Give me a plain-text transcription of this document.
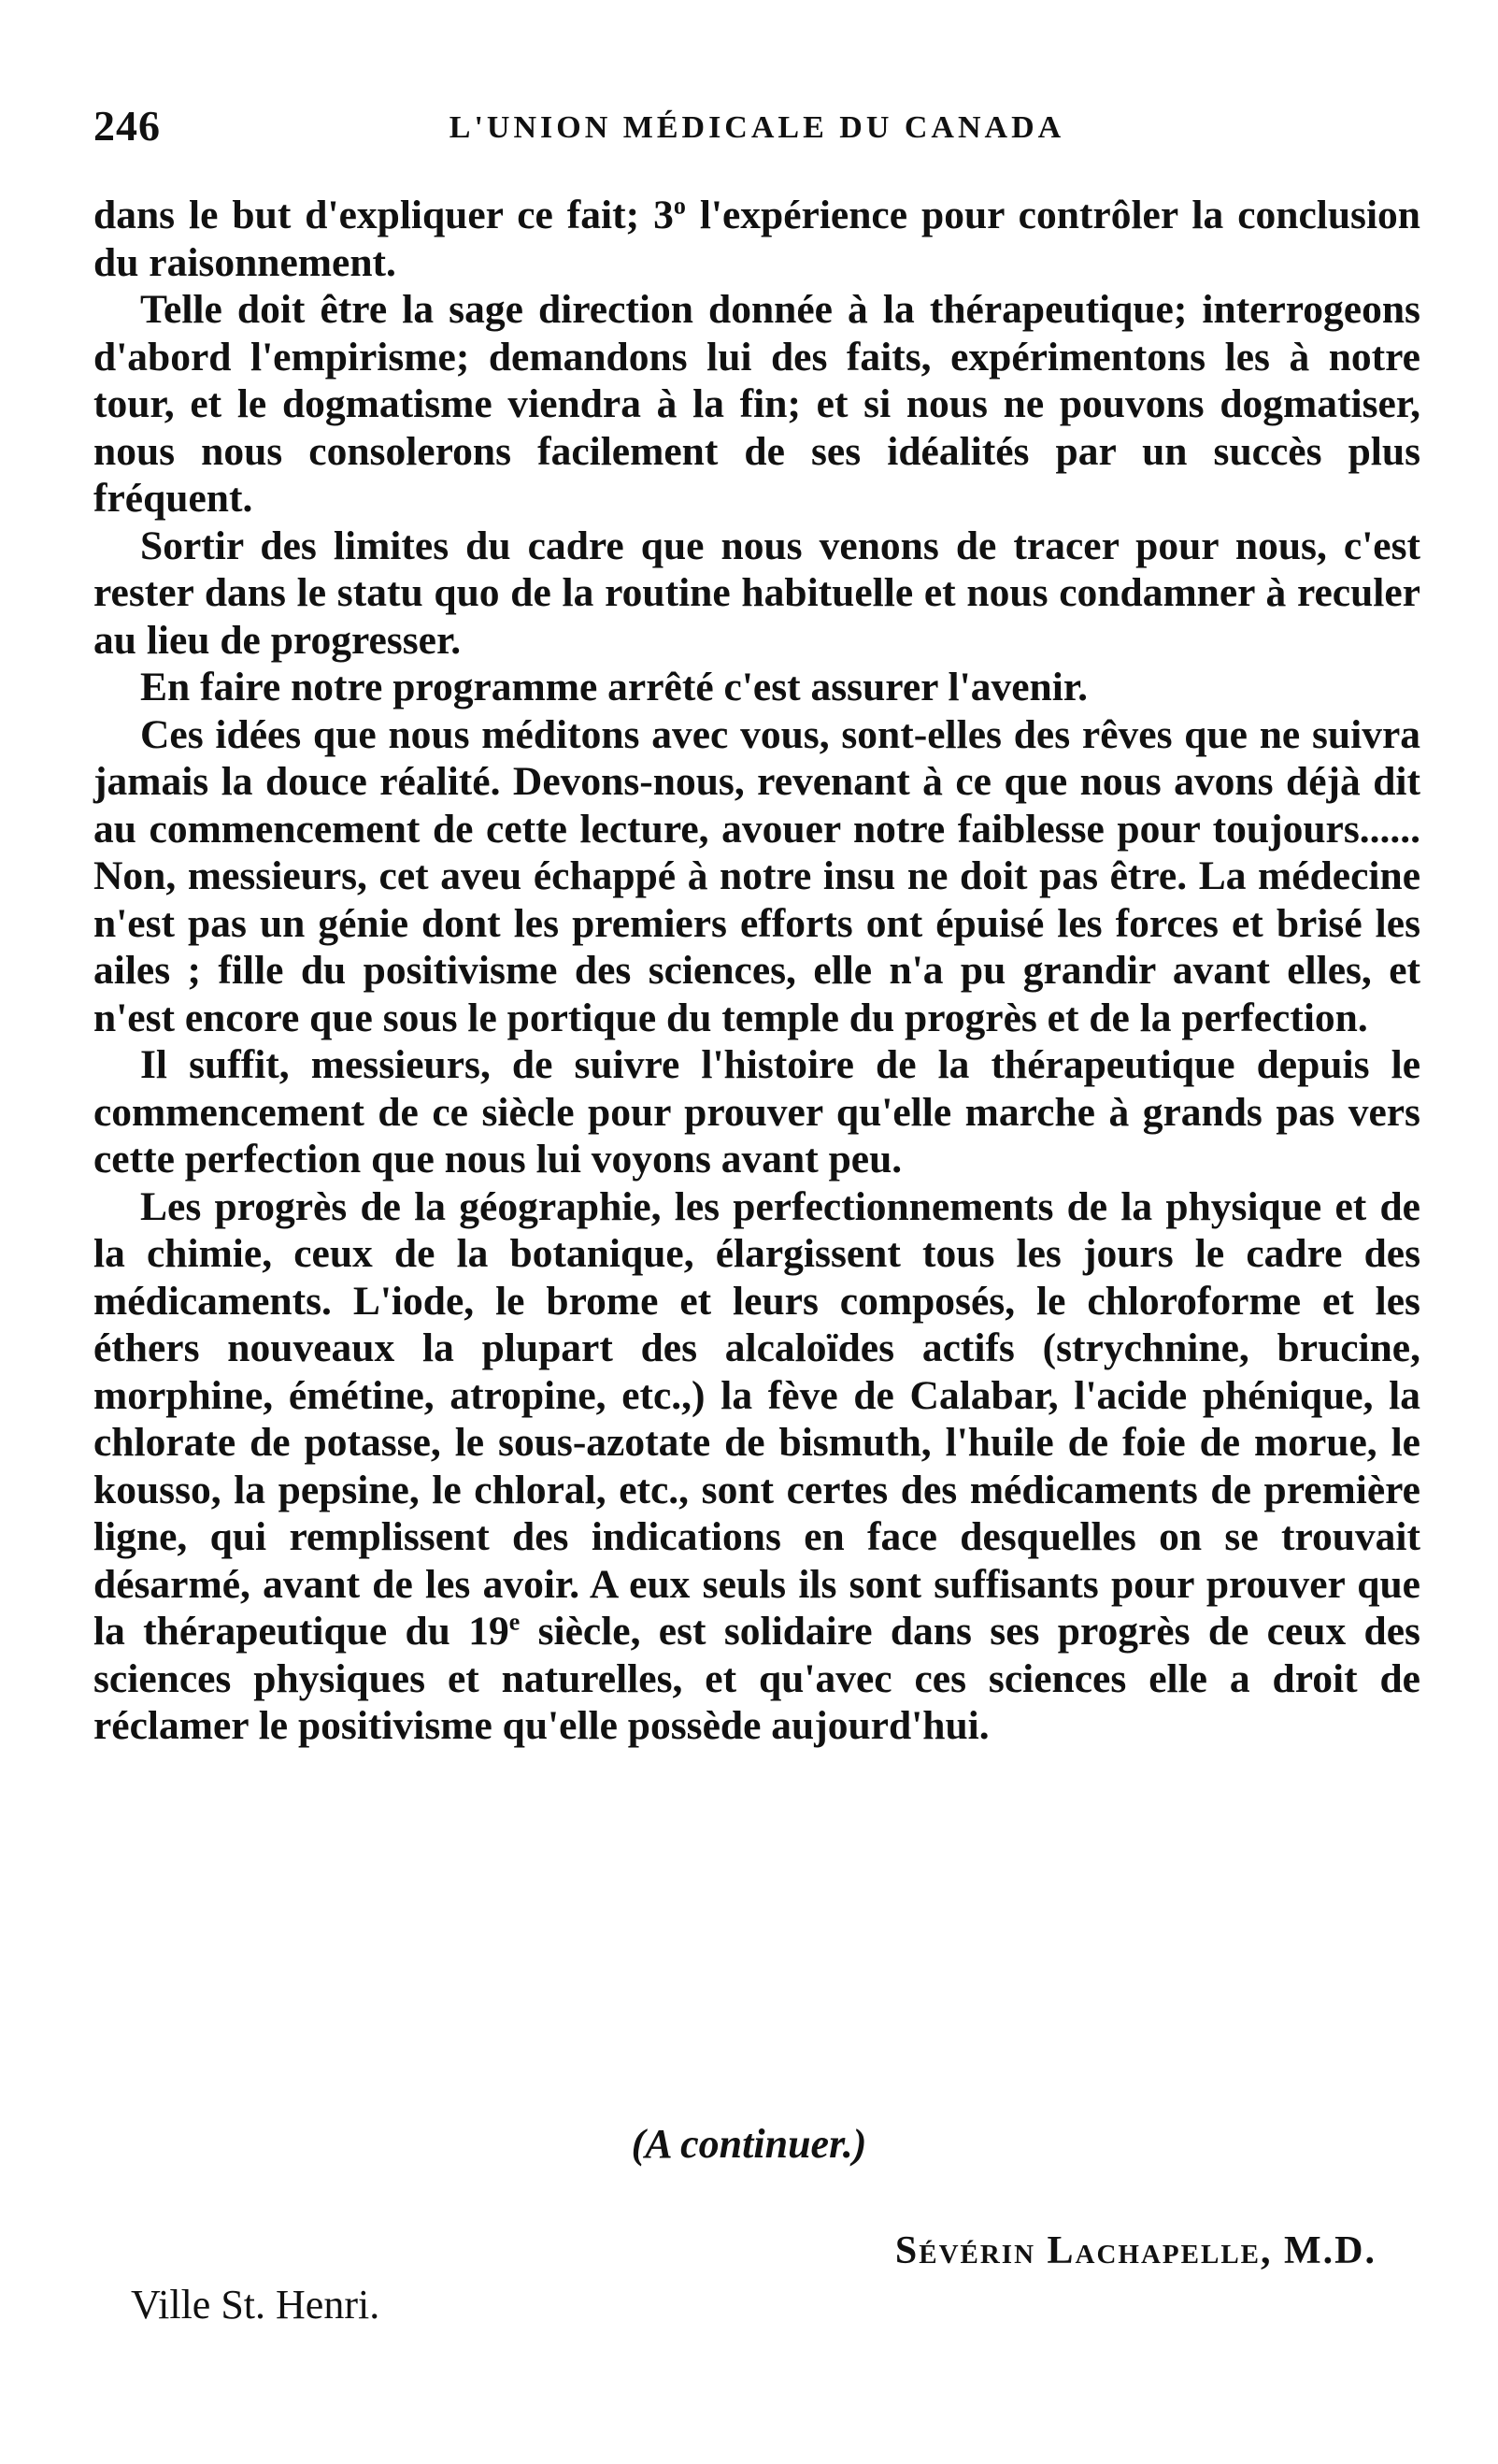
246	L'UNION MÉDICALE DU CANADA

dans le but d'expliquer ce fait; 3$^o$ l'expérience pour contrôler la conclusion du raisonnement.

Telle doit être la sage direction donnée à la thérapeutique; interrogeons d'abord l'empirisme; demandons lui des faits, expérimentons les à notre tour, et le dogmatisme viendra à la fin; et si nous ne pouvons dogmatiser, nous nous consolerons facilement de ses idéalités par un succès plus fréquent.

Sortir des limites du cadre que nous venons de tracer pour nous, c'est rester dans le statu quo de la routine habituelle et nous condamner à reculer au lieu de progresser.

En faire notre programme arrêté c'est assurer l'avenir.

Ces idées que nous méditons avec vous, sont-elles des rêves que ne suivra jamais la douce réalité. Devons-nous, revenant à ce que nous avons déjà dit au commencement de cette lecture, avouer notre faiblesse pour toujours...... Non, messieurs, cet aveu échappé à notre insu ne doit pas être. La médecine n'est pas un génie dont les premiers efforts ont épuisé les forces et brisé les ailes ; fille du positivisme des sciences, elle n'a pu grandir avant elles, et n'est encore que sous le portique du temple du progrès et de la perfection.

Il suffit, messieurs, de suivre l'histoire de la thérapeutique depuis le commencement de ce siècle pour prouver qu'elle marche à grands pas vers cette perfection que nous lui voyons avant peu.

Les progrès de la géographie, les perfectionnements de la physique et de la chimie, ceux de la botanique, élargissent tous les jours le cadre des médicaments. L'iode, le brome et leurs composés, le chloroforme et les éthers nouveaux la plupart des alcaloïdes actifs (strychnine, brucine, morphine, émétine, atropine, etc.,) la fève de Calabar, l'acide phénique, la chlorate de potasse, le sous-azotate de bismuth, l'huile de foie de morue, le kousso, la pepsine, le chloral, etc., sont certes des médicaments de première ligne, qui remplissent des indications en face desquelles on se trouvait désarmé, avant de les avoir. A eux seuls ils sont suffisants pour prouver que la thérapeutique du 19e siècle, est solidaire dans ses progrès de ceux des sciences physiques et naturelles, et qu'avec ces sciences elle a droit de réclamer le positivisme qu'elle possède aujourd'hui.

(A continuer.)
Sévérin Lachapelle, M.D.
Ville St. Henri.
